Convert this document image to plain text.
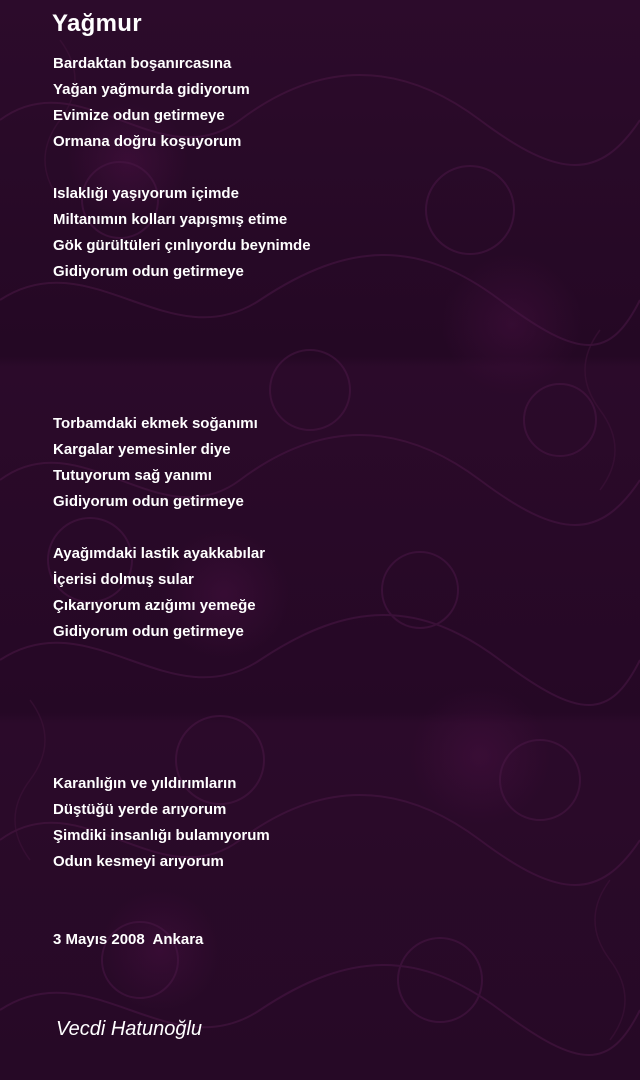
Yağmur
Bardaktan boşanırcasına
Yağan yağmurda gidiyorum
Evimize odun getirmeye
Ormana doğru koşuyorum
Islaklığı yaşıyorum içimde
Miltanımın kolları yapışmış etime
Gök gürültüleri çınlıyordu beynimde
Gidiyorum odun getirmeye
Torbamdaki ekmek soğanımı
Kargalar yemesinler diye
Tutuyorum sağ yanımı
Gidiyorum odun getirmeye
Ayağımdaki lastik ayakkabılar
İçerisi dolmuş sular
Çıkarıyorum azığımı yemeğe
Gidiyorum odun getirmeye
Karanlığın ve yıldırımların
Düştüğü yerde arıyorum
Şimdiki insanlığı bulamıyorum
Odun kesmeyi arıyorum
3 Mayıs 2008  Ankara
Vecdi Hatunoğlu
